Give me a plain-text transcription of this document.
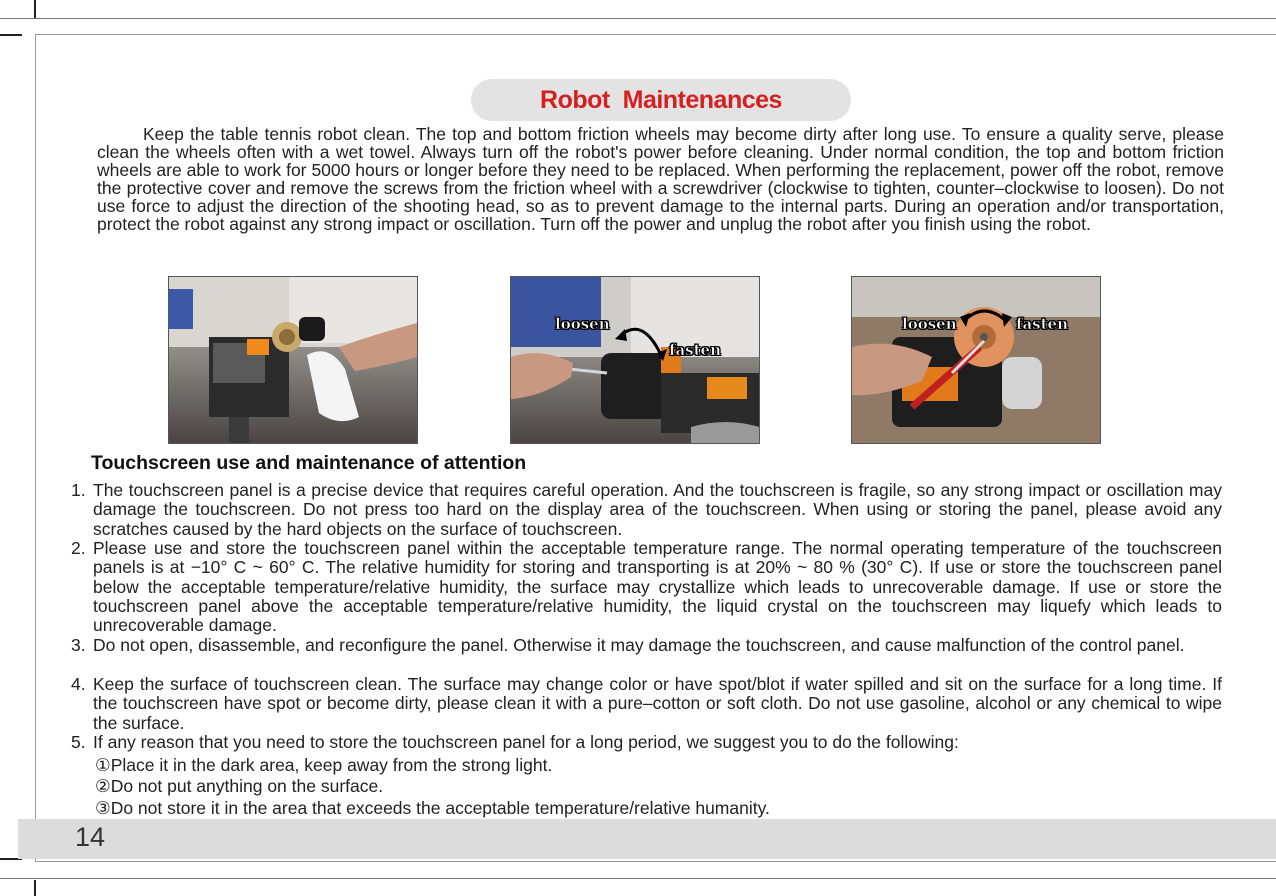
14
Robot  Maintenances

Keep the table tennis robot clean. The top and bottom friction wheels may become dirty after long use. To ensure a quality serve, please clean the wheels often with a wet towel. Always turn off the robot's power before cleaning. Under normal condition, the top and bottom friction wheels are able to work for 5000 hours or longer before they need to be replaced. When performing the replacement, power off the robot, remove the protective cover and remove the screws from the friction wheel with a screwdriver (clockwise to tighten, counter–clockwise to loosen). Do not use force to adjust the direction of the shooting head, so as to prevent damage to the internal parts. During an operation and/or transportation, protect the robot against any strong impact or oscillation. Turn off the power and unplug the robot after you finish using the robot.

loosen
fasten
loosen	fasten
Touchscreen use and maintenance of attention
1. The touchscreen panel is a precise device that requires careful operation. And the touchscreen is fragile, so any strong impact or oscillation may damage the touchscreen. Do not press too hard on the display area of the touchscreen. When using or storing the panel, please avoid any scratches caused by the hard objects on the surface of touchscreen.
2. Please use and store the touchscreen panel within the acceptable temperature range. The normal operating temperature of the touchscreen panels is at −10° C ~ 60° C. The relative humidity for storing and transporting is at 20% ~ 80 % (30° C). If use or store the touchscreen panel below the acceptable temperature/relative humidity, the surface may crystallize which leads to unrecoverable damage. If use or store the touchscreen panel above the acceptable temperature/relative humidity, the liquid crystal on the touchscreen may liquefy which leads to unrecoverable damage.
3. Do not open, disassemble, and reconfigure the panel. Otherwise it may damage the touchscreen, and cause malfunction of the control panel.
4. Keep the surface of touchscreen clean. The surface may change color or have spot/blot if water spilled and sit on the surface for a long time. If the touchscreen have spot or become dirty, please clean it with a pure–cotton or soft cloth. Do not use gasoline, alcohol or any chemical to wipe the surface.
5. If any reason that you need to store the touchscreen panel for a long period, we suggest you to do the following:
①Place it in the dark area, keep away from the strong light.
②Do not put anything on the surface.
③Do not store it in the area that exceeds the acceptable temperature/relative humanity.
